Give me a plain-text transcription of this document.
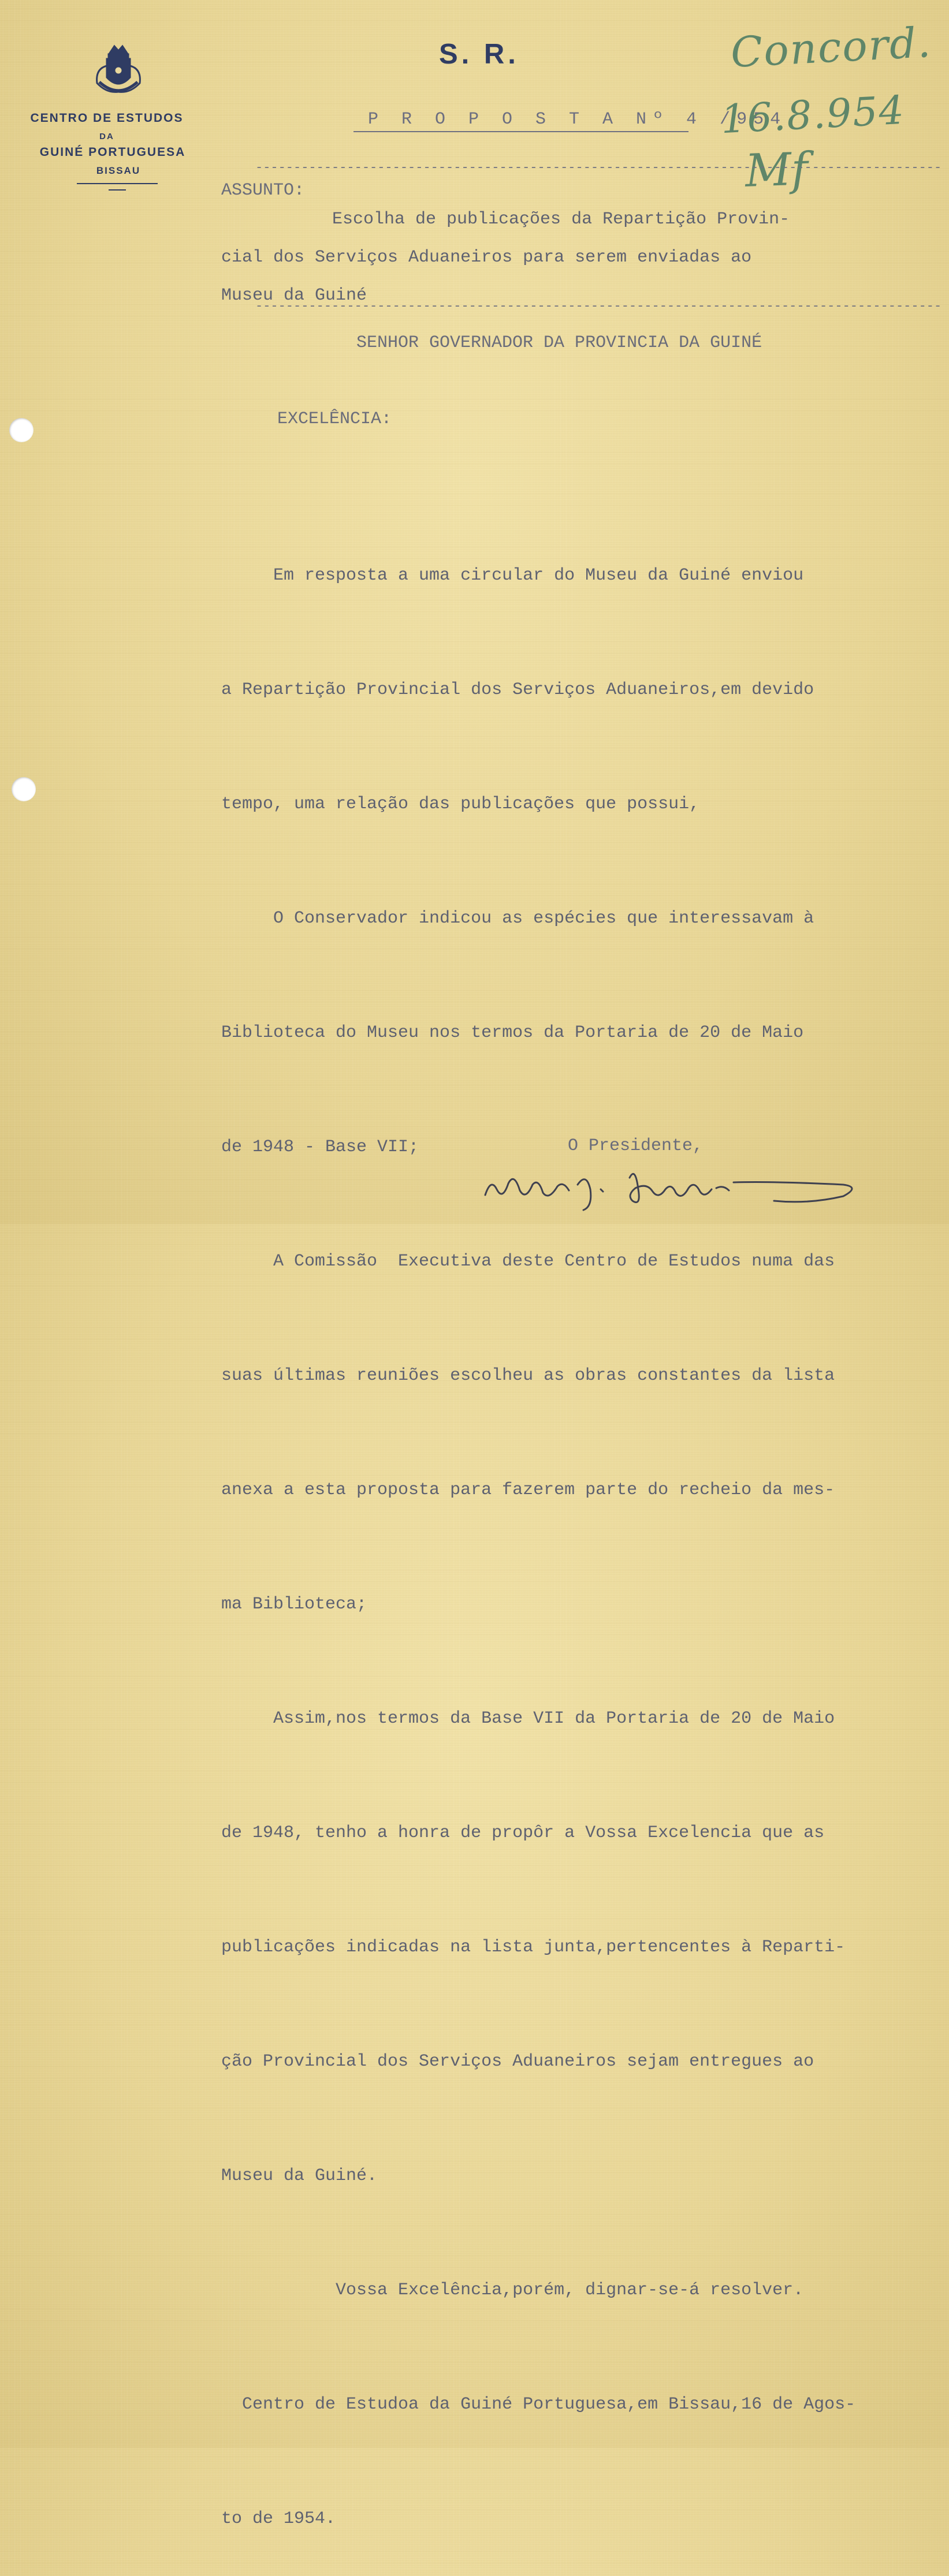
CENTRO DE ESTUDOS
DA
GUINÉ PORTUGUESA
BISSAU
S. R.
P R O P O S T A Nº 4 /954
Concord.
16.8.954
Mf
------------------------------------------------------------------------------------------
ASSUNTO:
Escolha de publicações da Repartição Provin-
cial dos Serviços Aduaneiros para serem enviadas ao
Museu da Guiné
------------------------------------------------------------------------------------------
SENHOR GOVERNADOR DA PROVINCIA DA GUINÉ
EXCELÊNCIA:

Em resposta a uma circular do Museu da Guiné enviou

a Repartição Provincial dos Serviços Aduaneiros,em devido

tempo, uma relação das publicações que possui,

O Conservador indicou as espécies que interessavam à

Biblioteca do Museu nos termos da Portaria de 20 de Maio

de 1948 - Base VII;

A Comissão  Executiva deste Centro de Estudos numa das

suas últimas reuniões escolheu as obras constantes da lista

anexa a esta proposta para fazerem parte do recheio da mes-

ma Biblioteca;

Assim,nos termos da Base VII da Portaria de 20 de Maio

de 1948, tenho a honra de propôr a Vossa Excelencia que as

publicações indicadas na lista junta,pertencentes à Reparti-

ção Provincial dos Serviços Aduaneiros sejam entregues ao

Museu da Guiné.

Vossa Excelência,porém, dignar-se-á resolver.

Centro de Estudoa da Guiné Portuguesa,em Bissau,16 de Agos-

to de 1954.

O Presidente,
